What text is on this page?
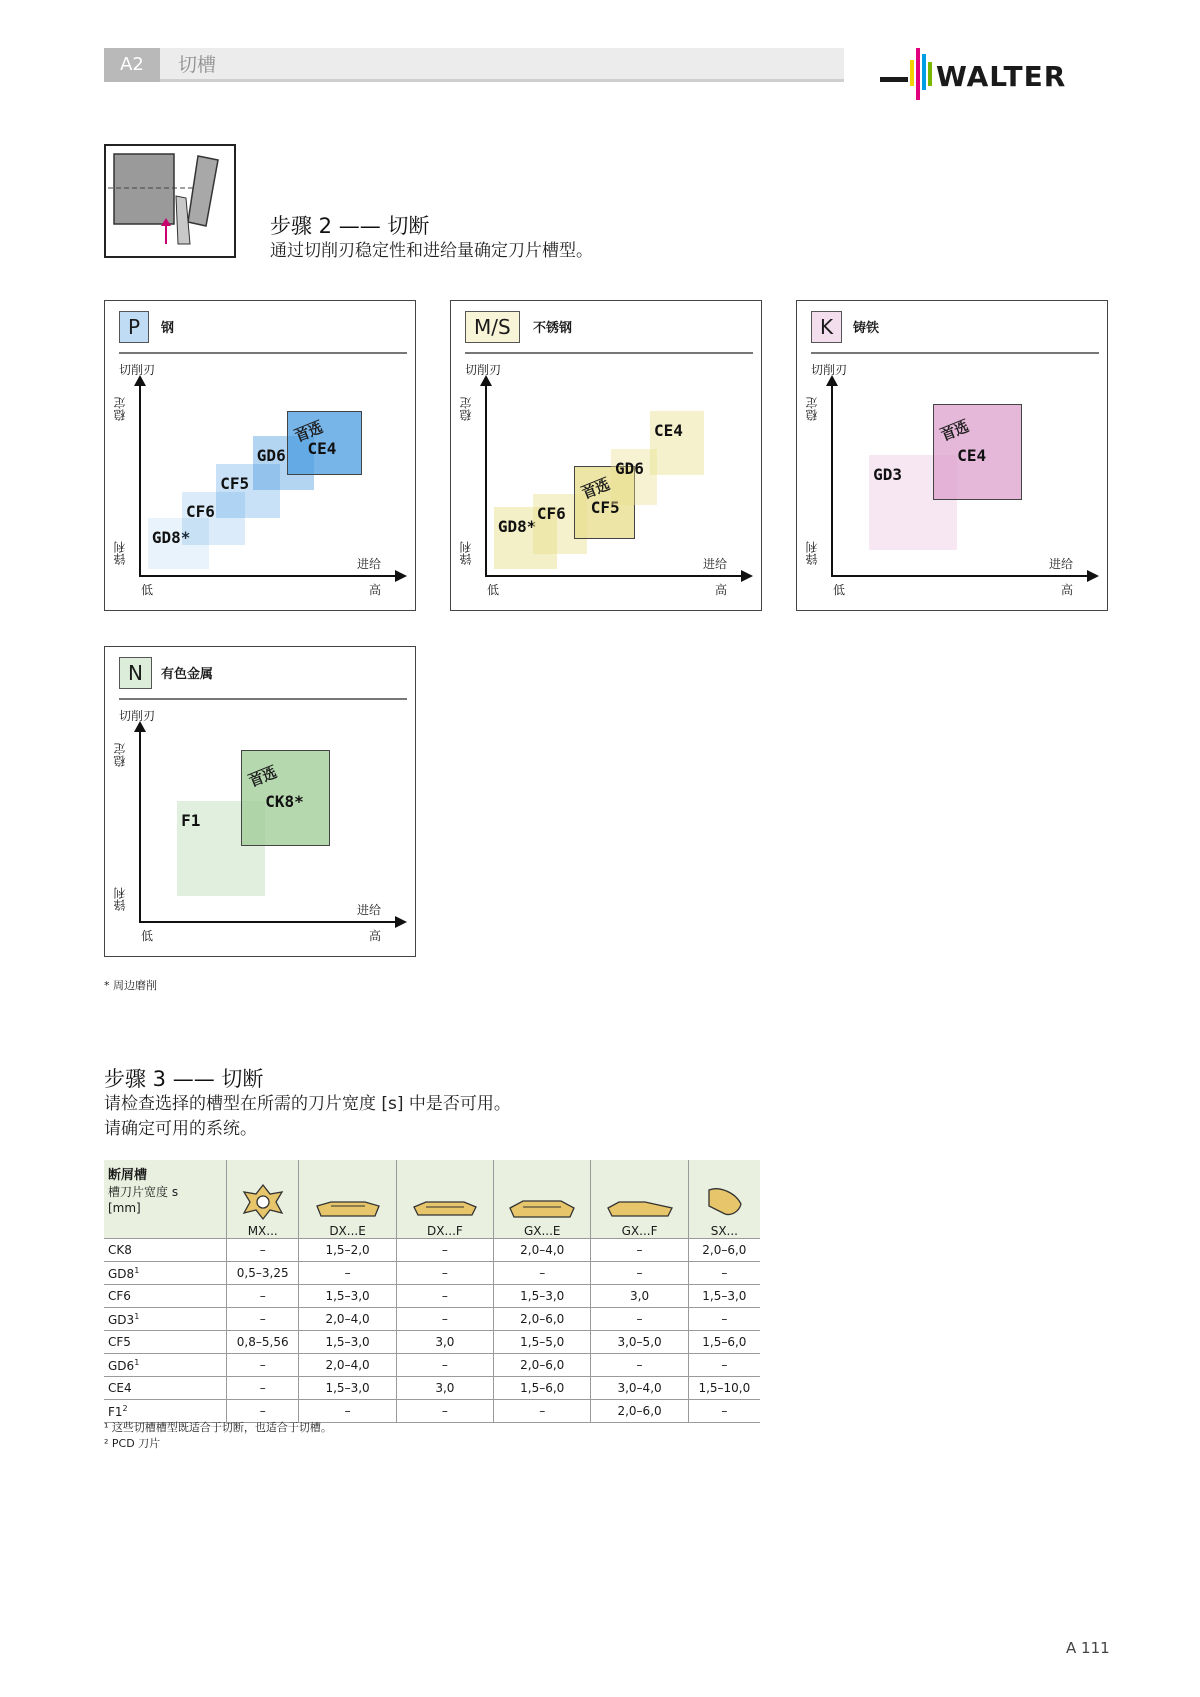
A2	切槽	WALTER
步骤 2 —— 切断
通过切削刃稳定性和进给量确定刀片槽型。
P	钢
切削刃
稳定
锋利	进给
低	高
GD8*
CF6
CF5
GD6 CE4
首选
M/S	不锈钢
切削刃
稳定
锋利	进给
低	高
GD8*
CF6 CF5
首选
GD6
CE4
K	铸铁
切削刃
稳定
锋利	进给
低	高
GD3
CE4
首选
N	有色金属
切削刃
稳定
锋利	进给
低	高
F1
CK8*
首选
* 周边磨削
步骤 3 —— 切断
请检查选择的槽型在所需的刀片宽度 [s] 中是否可用。
请确定可用的系统。
断屑槽
槽刀片宽度 s
[mm]	MX...	DX...E	DX...F	GX...E	GX...F	SX...
CK8	–	1,5–2,0	–	2,0–4,0	–	2,0–6,0
$GD8^1$	0,5–3,25	–	–	–	–	–
CF6	–	1,5–3,0	–	1,5–3,0	3,0	1,5–3,0
$GD3^1$	–	2,0–4,0	–	2,0–6,0	–	–
CF5	0,8–5,56	1,5–3,0	3,0	1,5–5,0	3,0–5,0	1,5–6,0
$GD6^1$	–	2,0–4,0	–	2,0–6,0	–	–
CE4	–	1,5–3,0	3,0	1,5–6,0	3,0–4,0	1,5–10,0
$F1^2$	–	–	–	–	2,0–6,0	–
¹ 这些切槽槽型既适合于切断，也适合于切槽。
² PCD 刀片
A 111
